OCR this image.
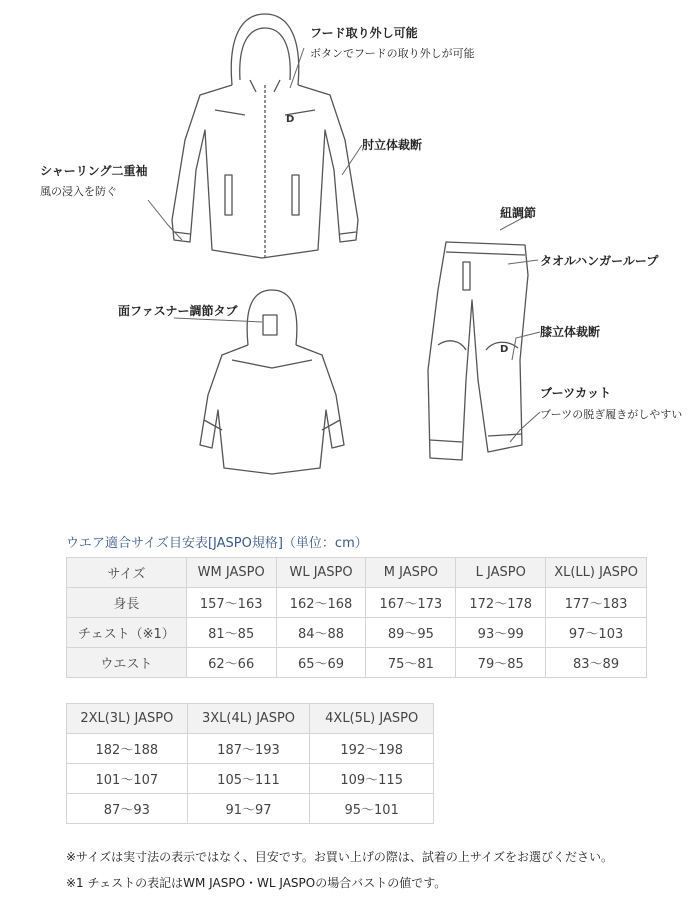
D
D
フード取り外し可能
ボタンでフードの取り外しが可能
肘立体裁断
シャーリング二重袖
風の浸入を防ぐ
紐調節
タオルハンガーループ
面ファスナー調節タブ
膝立体裁断
ブーツカット
ブーツの脱ぎ履きがしやすい
ウエア適合サイズ目安表[JASPO規格]（単位：cm）
サイズ	WM JASPO	WL JASPO	M JASPO	L JASPO	XL(LL) JASPO
身長	157～163	162～168	167～173	172～178	177～183
チェスト（※1）	81～85	84～88	89～95	93～99	97～103
ウエスト	62～66	65～69	75～81	79～85	83～89
2XL(3L) JASPO	3XL(4L) JASPO	4XL(5L) JASPO
182～188	187～193	192～198
101～107	105～111	109～115
87～93	91～97	95～101
※サイズは実寸法の表示ではなく、目安です。お買い上げの際は、試着の上サイズをお選びください。
※1 チェストの表記はWM JASPO・WL JASPOの場合バストの値です。
